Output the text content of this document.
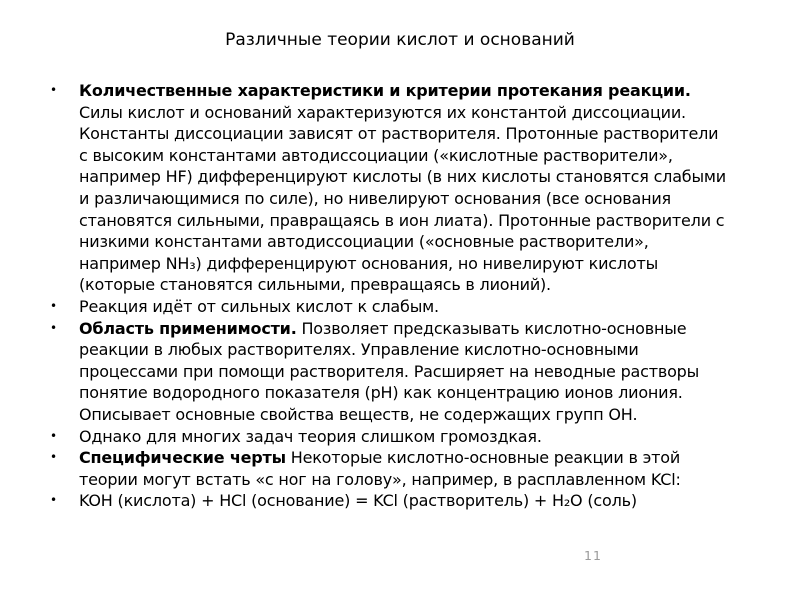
Различные теории кислот и оснований
• Количественные характеристики и критерии протекания реакции. Силы кислот и оснований характеризуются их константой диссоциации. Константы диссоциации зависят от растворителя. Протонные растворители с высоким константами автодиссоциации («кислотные растворители», например HF) дифференцируют кислоты (в них кислоты становятся слабыми и различающимися по силе), но нивелируют основания (все основания становятся сильными, правращаясь в ион лиата). Протонные растворители с низкими константами автодиссоциации («основные растворители», например NH₃) дифференцируют основания, но нивелируют кислоты (которые становятся сильными, превращаясь в лионий).
• Реакция идёт от сильных кислот к слабым.
• Область применимости. Позволяет предсказывать кислотно-основные реакции в любых растворителях. Управление кислотно-основными процессами при помощи растворителя. Расширяет на неводные растворы понятие водородного показателя (pH) как концентрацию ионов лиония. Описывает основные свойства веществ, не содержащих групп ОН.
• Однако для многих задач теория слишком громоздкая.
• Специфические черты Некоторые кислотно-основные реакции в этой теории могут встать «с ног на голову», например, в расплавленном KCl:
• KOH (кислота) + HCl (основание) = KCl (растворитель) + H₂O (соль)
11
